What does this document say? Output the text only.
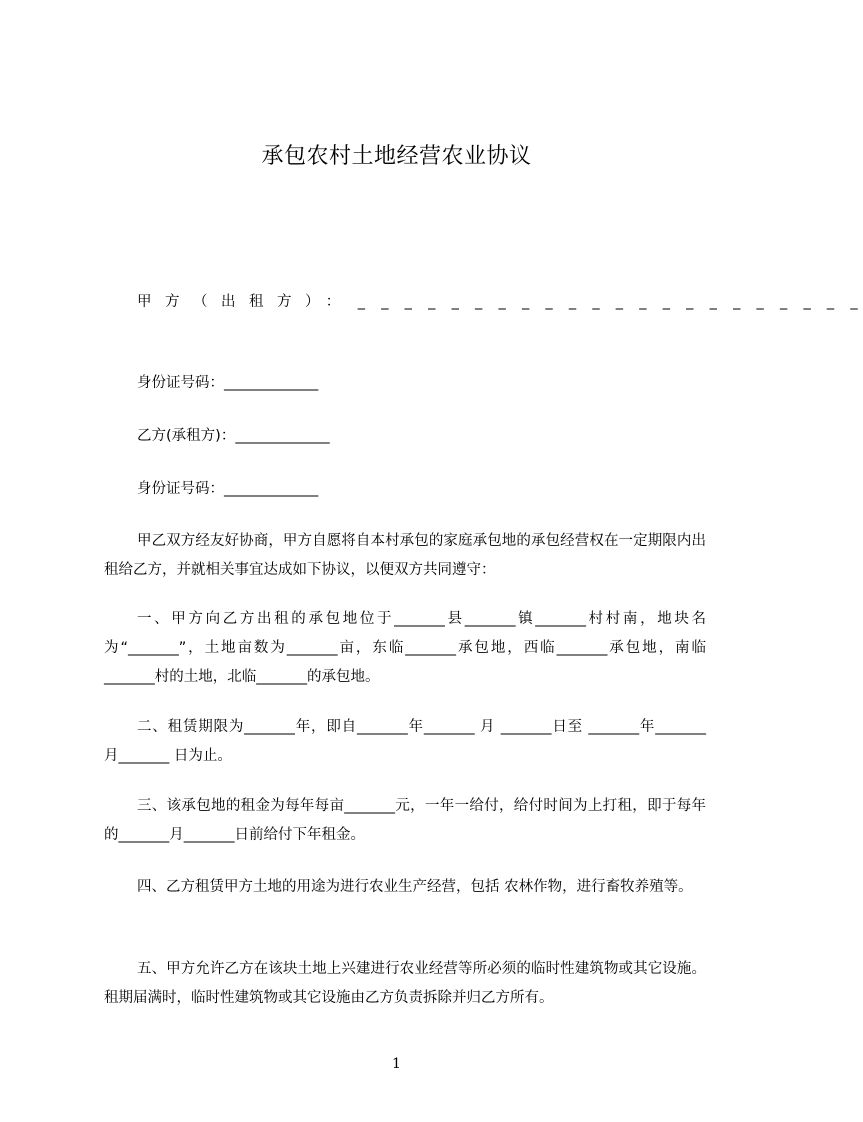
承包农村土地经营农业协议
甲方（出租方）： _ _ _ _ _ _ _ _ _ _ _ _ _ _ _ _ _ _ _ _ _ _
身份证号码：_____________
乙方(承租方)：_____________
身份证号码：_____________
甲乙双方经友好协商，甲方自愿将自本村承包的家庭承包地的承包经营权在一定期限内出租给乙方，并就相关事宜达成如下协议，以便双方共同遵守：
一、甲方向乙方出租的承包地位于_______县_______镇_______村村南，地块名为“_______”，土地亩数为_______亩，东临_______承包地，西临_______承包地，南临_______村的土地，北临_______的承包地。
二、租赁期限为_______年，即自_______年_______ 月 _______日至 _______年_______ 月_______ 日为止。
三、该承包地的租金为每年每亩_______元，一年一给付，给付时间为上打租，即于每年的_______月_______日前给付下年租金。
四、乙方租赁甲方土地的用途为进行农业生产经营，包括 农林作物，进行畜牧养殖等。
五、甲方允许乙方在该块土地上兴建进行农业经营等所必须的临时性建筑物或其它设施。租期届满时，临时性建筑物或其它设施由乙方负责拆除并归乙方所有。
1
